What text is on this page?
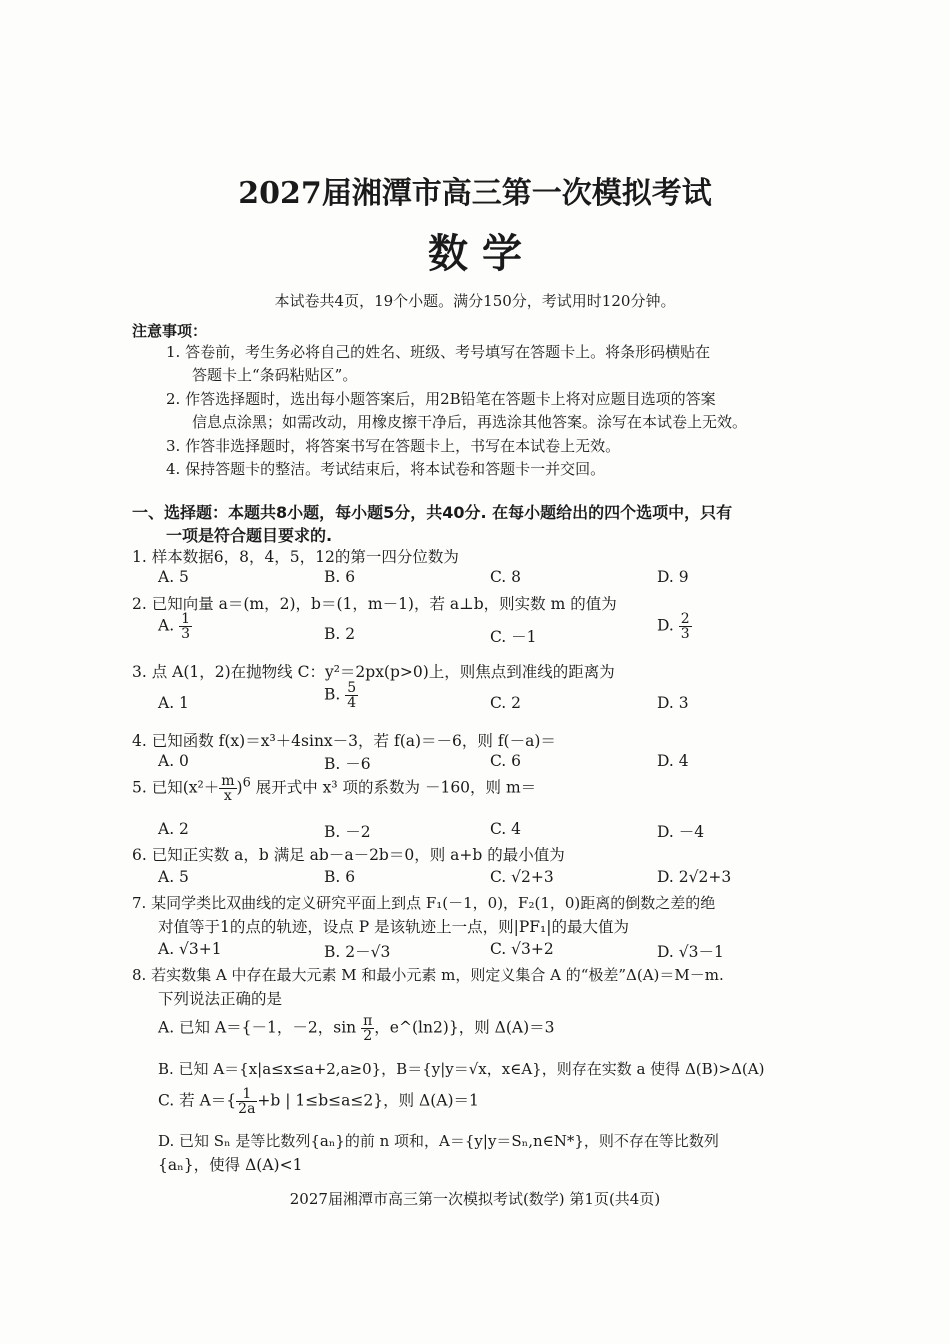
2027届湘潭市高三第一次模拟考试
数 学
本试卷共4页，19个小题。满分150分，考试用时120分钟。
注意事项：
1. 答卷前，考生务必将自己的姓名、班级、考号填写在答题卡上。将条形码横贴在
答题卡上“条码粘贴区”。
2. 作答选择题时，选出每小题答案后，用2B铅笔在答题卡上将对应题目选项的答案
信息点涂黑；如需改动，用橡皮擦干净后，再选涂其他答案。涂写在本试卷上无效。
3. 作答非选择题时，将答案书写在答题卡上，书写在本试卷上无效。
4. 保持答题卡的整洁。考试结束后，将本试卷和答题卡一并交回。
一、选择题：本题共8小题，每小题5分，共40分. 在每小题给出的四个选项中，只有
一项是符合题目要求的.
1. 样本数据6，8，4，5，12的第一四分位数为
A. 5	B. 6	C. 8	D. 9
2. 已知向量 a＝(m，2)，b＝(1，m－1)，若 a⊥b，则实数 m 的值为
A. $\frac{1}{3}$	B. 2	C. －1
D. $\frac{2}{3}$
3. 点 A(1，2)在抛物线 C：y²＝2px(p>0)上，则焦点到准线的距离为
A. 1	B. $\frac{5}{4}$	C. 2	D. 3
4. 已知函数 f(x)＝x³＋4sinx－3，若 f(a)＝－6，则 f(－a)＝
A. 0	B. －6	C. 6	D. 4
5. 已知$(x^2+ \frac{m}{x} )^6$ 展开式中 x³ 项的系数为 －160，则 m＝
A. 2	B. －2	C. 4	D. －4
6. 已知正实数 a，b 满足 ab－a－2b＝0，则 a+b 的最小值为
A. 5	B. 6	C. √2+3	D. 2√2+3
7. 某同学类比双曲线的定义研究平面上到点 F₁(－1，0)，F₂(1，0)距离的倒数之差的绝
对值等于1的点的轨迹，设点 P 是该轨迹上一点，则|PF₁|的最大值为
A. √3+1	B. 2－√3	C. √3+2	D. √3－1
8. 若实数集 A 中存在最大元素 M 和最小元素 m，则定义集合 A 的“极差”Δ(A)＝M－m.
下列说法正确的是
A. 已知 A＝{－1，－2，$\sin \frac{\pi}{2}$ ，e^(ln2)}，则 Δ(A)＝3
B. 已知 A＝{x|a≤x≤a+2,a≥0}，B＝{y|y＝√x，x∈A}，则存在实数 a 使得 Δ(B)>Δ(A)
C. 若 $A=\{ \frac{1}{2a} +b$ | 1≤b≤a≤2}，则 Δ(A)＝1
D. 已知 Sₙ 是等比数列{aₙ}的前 n 项和，A＝{y|y＝Sₙ,n∈N*}，则不存在等比数列
{aₙ}，使得 Δ(A)<1
2027届湘潭市高三第一次模拟考试(数学) 第1页(共4页)
